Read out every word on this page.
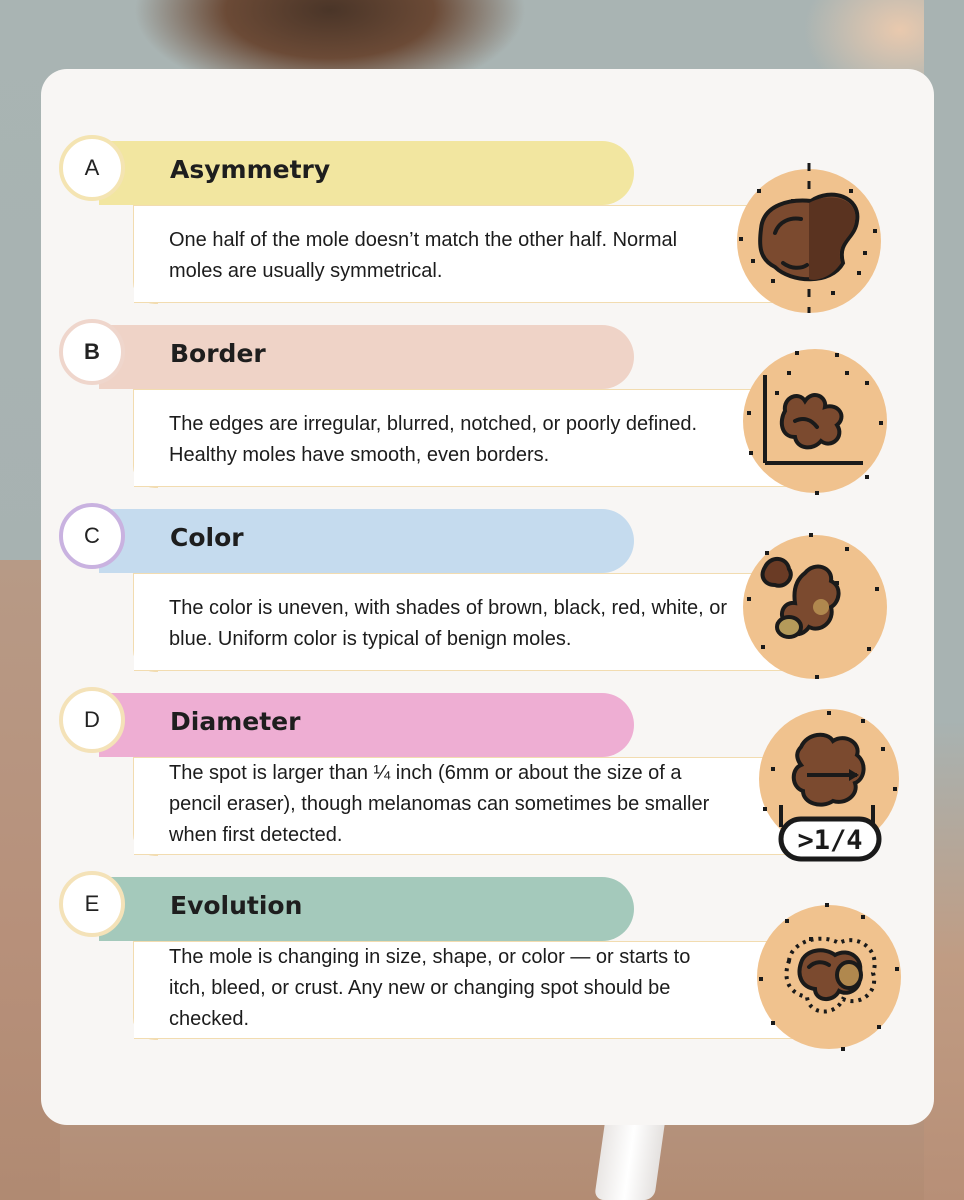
A	Asymmetry
One half of the mole doesn’t match the other half. Normal moles are usually symmetrical.
B	Border
The edges are irregular, blurred, notched, or poorly defined. Healthy moles have smooth, even borders.
C	Color
The color is uneven, with shades of brown, black, red, white, or blue. Uniform color is typical of benign moles.
D	Diameter
The spot is larger than ¼ inch (6mm or about the size of a pencil eraser), though melanomas can sometimes be smaller when first detected.	>1/4
E	Evolution
The mole is changing in size, shape, or color — or starts to itch, bleed, or crust. Any new or changing spot should be checked.
